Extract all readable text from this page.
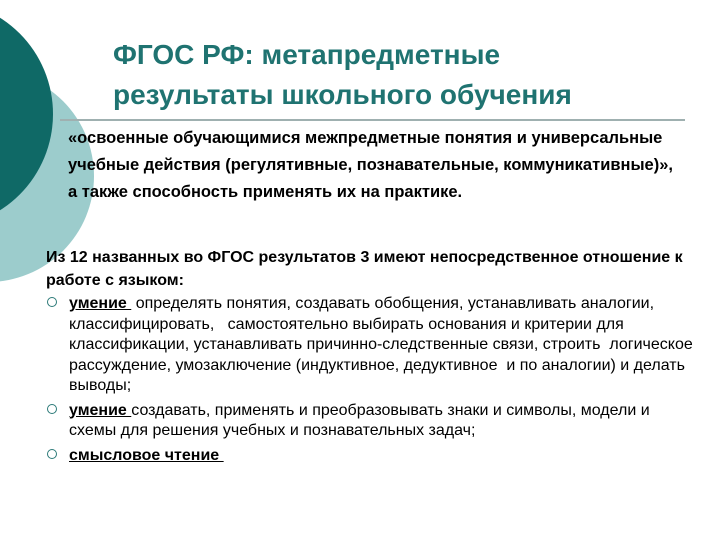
ФГОС РФ: метапредметные
результаты школьного обучения

«освоенные обучающимися межпредметные понятия и универсальные учебные действия (регулятивные, познавательные, коммуникативные)», а также способность применять их на практике.

Из 12 названных во ФГОС результатов 3 имеют непосредственное отношение к работе с языком:

умение  определять понятия, создавать обобщения, устанавливать аналогии, классифицировать,   самостоятельно выбирать основания и критерии для классификации, устанавливать причинно-следственные связи, строить  логическое рассуждение, умозаключение (индуктивное, дедуктивное  и по аналогии) и делать выводы;
умение создавать, применять и преобразовывать знаки и символы, модели и схемы для решения учебных и познавательных задач;
смысловое чтение
